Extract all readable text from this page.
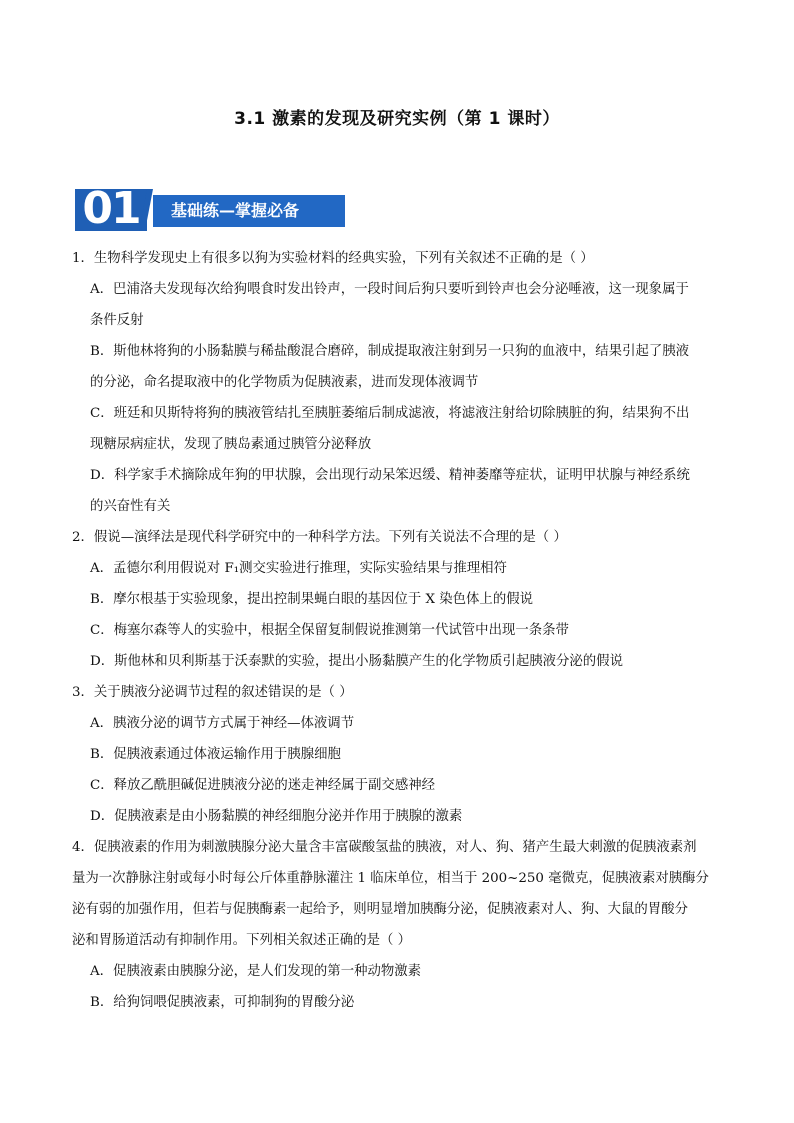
3.1 激素的发现及研究实例（第 1 课时）
01	基础练—掌握必备

1．生物科学发现史上有很多以狗为实验材料的经典实验，下列有关叙述不正确的是（ ）

A．巴浦洛夫发现每次给狗喂食时发出铃声，一段时间后狗只要听到铃声也会分泌唾液，这一现象属于

条件反射

B．斯他林将狗的小肠黏膜与稀盐酸混合磨碎，制成提取液注射到另一只狗的血液中，结果引起了胰液

的分泌，命名提取液中的化学物质为促胰液素，进而发现体液调节

C．班廷和贝斯特将狗的胰液管结扎至胰脏萎缩后制成滤液，将滤液注射给切除胰脏的狗，结果狗不出

现糖尿病症状，发现了胰岛素通过胰管分泌释放

D．科学家手术摘除成年狗的甲状腺，会出现行动呆笨迟缓、精神萎靡等症状，证明甲状腺与神经系统

的兴奋性有关

2．假说—演绎法是现代科学研究中的一种科学方法。下列有关说法不合理的是（ ）

A．孟德尔利用假说对 F₁测交实验进行推理，实际实验结果与推理相符

B．摩尔根基于实验现象，提出控制果蝇白眼的基因位于 X 染色体上的假说

C．梅塞尔森等人的实验中，根据全保留复制假说推测第一代试管中出现一条条带

D．斯他林和贝利斯基于沃泰默的实验，提出小肠黏膜产生的化学物质引起胰液分泌的假说

3．关于胰液分泌调节过程的叙述错误的是（ ）

A．胰液分泌的调节方式属于神经—体液调节

B．促胰液素通过体液运输作用于胰腺细胞

C．释放乙酰胆碱促进胰液分泌的迷走神经属于副交感神经

D．促胰液素是由小肠黏膜的神经细胞分泌并作用于胰腺的激素

4．促胰液素的作用为刺激胰腺分泌大量含丰富碳酸氢盐的胰液，对人、狗、猪产生最大刺激的促胰液素剂

量为一次静脉注射或每小时每公斤体重静脉灌注 1 临床单位，相当于 200~250 毫微克，促胰液素对胰酶分

泌有弱的加强作用，但若与促胰酶素一起给予，则明显增加胰酶分泌，促胰液素对人、狗、大鼠的胃酸分

泌和胃肠道活动有抑制作用。下列相关叙述正确的是（ ）

A．促胰液素由胰腺分泌，是人们发现的第一种动物激素

B．给狗饲喂促胰液素，可抑制狗的胃酸分泌
